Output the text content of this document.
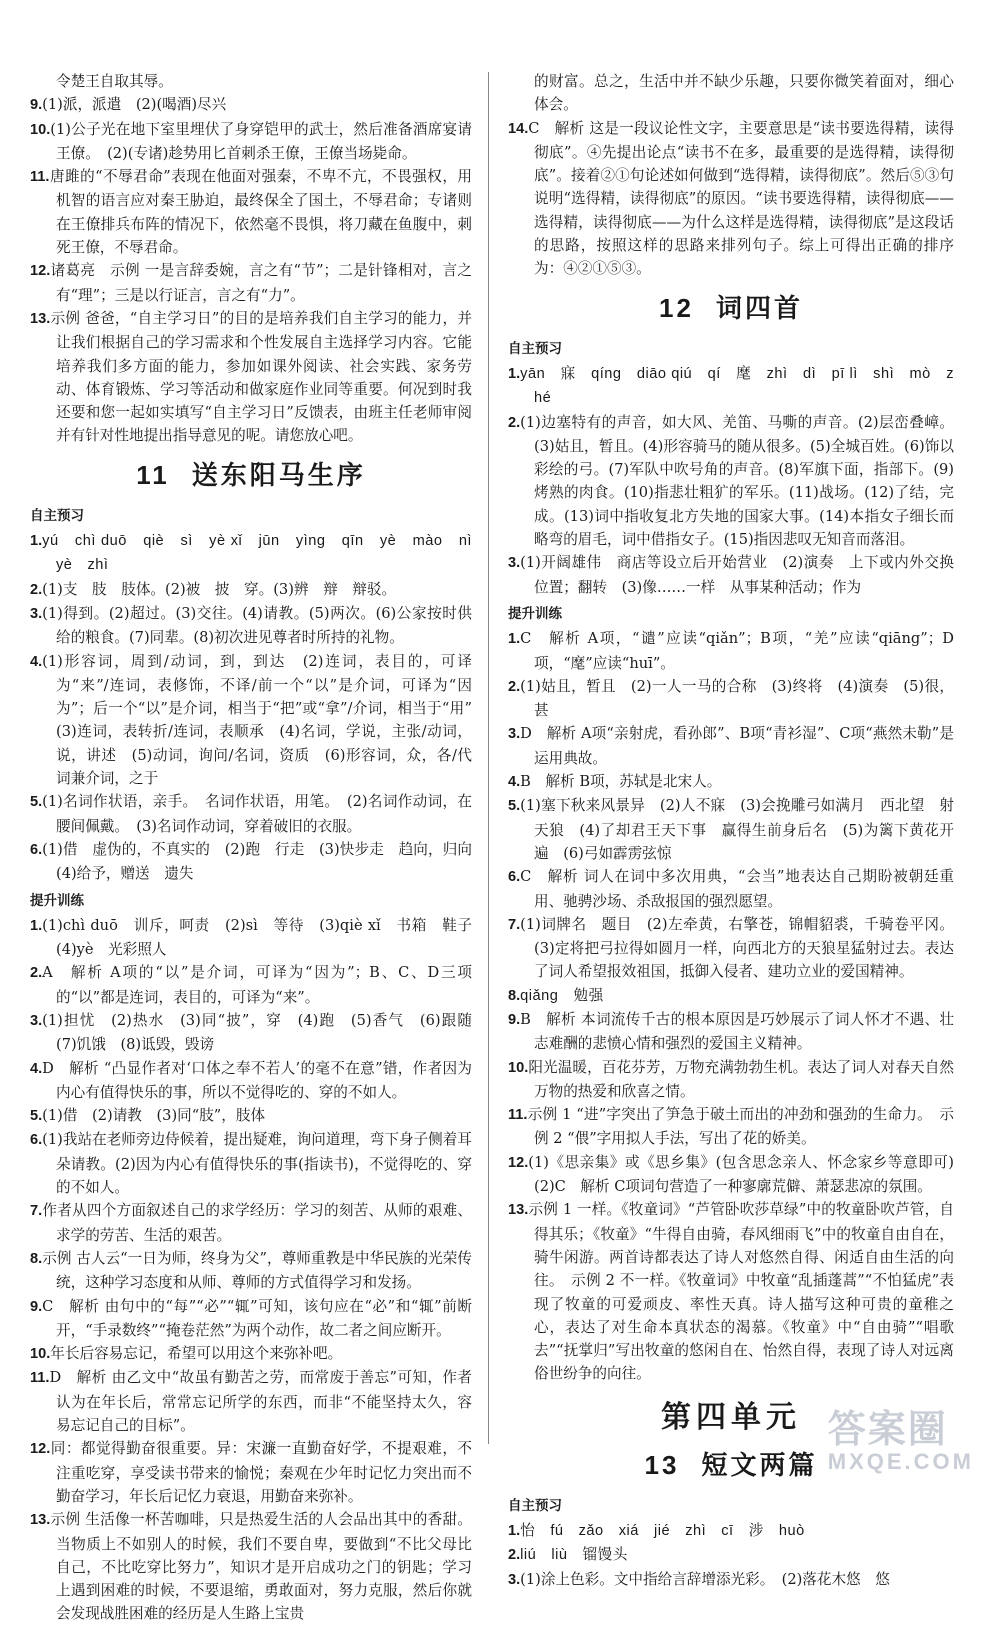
令楚王自取其辱。

9.(1)派，派遣　(2)(喝酒)尽兴

10.(1)公子光在地下室里埋伏了身穿铠甲的武士，然后准备酒席宴请王僚。　(2)(专诸)趁势用匕首刺杀王僚，王僚当场毙命。

11.唐雎的“不辱君命”表现在他面对强秦，不卑不亢，不畏强权，用机智的语言应对秦王胁迫，最终保全了国土，不辱君命；专诸则在王僚排兵布阵的情况下，依然毫不畏惧，将刀藏在鱼腹中，刺死王僚，不辱君命。

12.诸葛亮　示例 一是言辞委婉，言之有“节”；二是针锋相对，言之有“理”；三是以行证言，言之有“力”。

13.示例 爸爸，“自主学习日”的目的是培养我们自主学习的能力，并让我们根据自己的学习需求和个性发展自主选择学习内容。它能培养我们多方面的能力，参加如课外阅读、社会实践、家务劳动、体育锻炼、学习等活动和做家庭作业同等重要。何况到时我还要和您一起如实填写“自主学习日”反馈表，由班主任老师审阅并有针对性地提出指导意见的呢。请您放心吧。

11 送东阳马生序
自主预习

1.yú　chì duō　qiè　sì　yè xǐ　jūn　yìng　qīn　yè　mào　nì　yè　zhì

2.(1)支　肢　肢体。(2)被　披　穿。(3)辨　辩　辩驳。

3.(1)得到。(2)超过。(3)交往。(4)请教。(5)两次。(6)公家按时供给的粮食。(7)同辈。(8)初次进见尊者时所持的礼物。

4.(1)形容词，周到/动词，到，到达　(2)连词，表目的，可译为“来”/连词，表修饰，不译/前一个“以”是介词，可译为“因为”；后一个“以”是介词，相当于“把”或“拿”/介词，相当于“用”　(3)连词，表转折/连词，表顺承　(4)名词，学说，主张/动词，说，讲述　(5)动词，询问/名词，资质　(6)形容词，众，各/代词兼介词，之于

5.(1)名词作状语，亲手。　名词作状语，用笔。　(2)名词作动词，在腰间佩戴。　(3)名词作动词，穿着破旧的衣服。

6.(1)借　虚伪的，不真实的　(2)跑　行走　(3)快步走　趋向，归向　(4)给予，赠送　遗失

提升训练

1.(1)chì duō　训斥，呵责　(2)sì　等待　(3)qiè xǐ　书箱　鞋子　(4)yè　光彩照人

2.A　解析 A项的“以”是介词，可译为“因为”；B、C、D三项的“以”都是连词，表目的，可译为“来”。

3.(1)担忧　(2)热水　(3)同“披”，穿　(4)跑　(5)香气　(6)跟随　(7)饥饿　(8)诋毁，毁谤

4.D　解析 “凸显作者对‘口体之奉不若人’的毫不在意”错，作者因为内心有值得快乐的事，所以不觉得吃的、穿的不如人。

5.(1)借　(2)请教　(3)同“肢”，肢体

6.(1)我站在老师旁边侍候着，提出疑难，询问道理，弯下身子侧着耳朵请教。(2)因为内心有值得快乐的事(指读书)，不觉得吃的、穿的不如人。

7.作者从四个方面叙述自己的求学经历：学习的刻苦、从师的艰难、求学的劳苦、生活的艰苦。

8.示例 古人云“一日为师，终身为父”，尊师重教是中华民族的光荣传统，这种学习态度和从师、尊师的方式值得学习和发扬。

9.C　解析 由句中的“每”“必”“辄”可知，该句应在“必”和“辄”前断开，“手录数终”“掩卷茫然”为两个动作，故二者之间应断开。

10.年长后容易忘记，希望可以用这个来弥补吧。

11.D　解析 由乙文中“故虽有勤苦之劳，而常废于善忘”可知，作者认为在年长后，常常忘记所学的东西，而非“不能坚持太久，容易忘记自己的目标”。

12.同：都觉得勤奋很重要。异：宋濂一直勤奋好学，不提艰难，不注重吃穿，享受读书带来的愉悦；秦观在少年时记忆力突出而不勤奋学习，年长后记忆力衰退，用勤奋来弥补。

13.示例 生活像一杯苦咖啡，只是热爱生活的人会品出其中的香甜。当物质上不如别人的时候，我们不要自卑，要做到“不比父母比自己，不比吃穿比努力”，知识才是开启成功之门的钥匙；学习上遇到困难的时候，不要退缩，勇敢面对，努力克服，然后你就会发现战胜困难的经历是人生路上宝贵

的财富。总之，生活中并不缺少乐趣，只要你微笑着面对，细心体会。

14.C　解析 这是一段议论性文字，主要意思是“读书要选得精，读得彻底”。④先提出论点“读书不在多，最重要的是选得精，读得彻底”。接着②①句论述如何做到“选得精，读得彻底”。然后⑤③句说明“选得精，读得彻底”的原因。“读书要选得精，读得彻底——选得精，读得彻底——为什么这样是选得精，读得彻底”是这段话的思路，按照这样的思路来排列句子。综上可得出正确的排序为：④②①⑤③。

12 词四首
自主预习

1.yān　寐　qíng　diāo qiú　qí　麾　zhì　dì　pī lì　shì　mò　zhé

2.(1)边塞特有的声音，如大风、羌笛、马嘶的声音。(2)层峦叠嶂。(3)姑且，暂且。(4)形容骑马的随从很多。(5)全城百姓。(6)饰以彩绘的弓。(7)军队中吹号角的声音。(8)军旗下面，指部下。(9)烤熟的肉食。(10)指悲壮粗犷的军乐。(11)战场。(12)了结，完成。(13)词中指收复北方失地的国家大事。(14)本指女子细长而略弯的眉毛，词中借指女子。(15)指因悲叹无知音而落泪。

3.(1)开阔雄伟　商店等设立后开始营业　(2)演奏　上下或内外交换位置；翻转　(3)像……一样　从事某种活动；作为

提升训练

1.C　解析 A项，“谴”应读“qiǎn”；B项，“羌”应读“qiāng”；D项，“麾”应读“huī”。

2.(1)姑且，暂且　(2)一人一马的合称　(3)终将　(4)演奏　(5)很，甚

3.D　解析 A项“亲射虎，看孙郎”、B项“青衫湿”、C项“燕然未勒”是运用典故。

4.B　解析 B项，苏轼是北宋人。

5.(1)塞下秋来风景异　(2)人不寐　(3)会挽雕弓如满月　西北望　射天狼　(4)了却君王天下事　赢得生前身后名　(5)为篱下黄花开遍　(6)弓如霹雳弦惊

6.C　解析 词人在词中多次用典，“会当”地表达自己期盼被朝廷重用、驰骋沙场、杀敌报国的强烈愿望。

7.(1)词牌名　题目　(2)左牵黄，右擎苍，锦帽貂裘，千骑卷平冈。(3)定将把弓拉得如圆月一样，向西北方的天狼星猛射过去。表达了词人希望报效祖国，抵御入侵者、建功立业的爱国精神。

8.qiǎng　勉强

9.B　解析 本词流传千古的根本原因是巧妙展示了词人怀才不遇、壮志难酬的悲愤心情和强烈的爱国主义精神。

10.阳光温暖，百花芬芳，万物充满勃勃生机。表达了词人对春天自然万物的热爱和欣喜之情。

11.示例 1 “进”字突出了笋急于破土而出的冲劲和强劲的生命力。　示例 2 “偎”字用拟人手法，写出了花的娇美。

12.(1)《思亲集》或《思乡集》(包含思念亲人、怀念家乡等意即可)　(2)C　解析 C项词句营造了一种寥廓荒僻、萧瑟悲凉的氛围。

13.示例 1 一样。《牧童词》“芦管卧吹莎草绿”中的牧童卧吹芦管，自得其乐；《牧童》“牛得自由骑，春风细雨飞”中的牧童自由自在，骑牛闲游。两首诗都表达了诗人对悠然自得、闲适自由生活的向往。　示例 2 不一样。《牧童词》中牧童“乱插蓬蒿”“不怕猛虎”表现了牧童的可爱顽皮、率性天真。诗人描写这种可贵的童稚之心，表达了对生命本真状态的渴慕。《牧童》中“自由骑”“唱歌去”“抚掌归”写出牧童的悠闲自在、怡然自得，表现了诗人对远离俗世纷争的向往。

第四单元
13 短文两篇
自主预习

1.怡　fú　zǎo　xiá　jié　zhì　cī　涉　huò

2.liú　liù　镏馒头

3.(1)涂上色彩。文中指给言辞增添光彩。　(2)落花木悠　悠

答案圈
MXQE.COM
